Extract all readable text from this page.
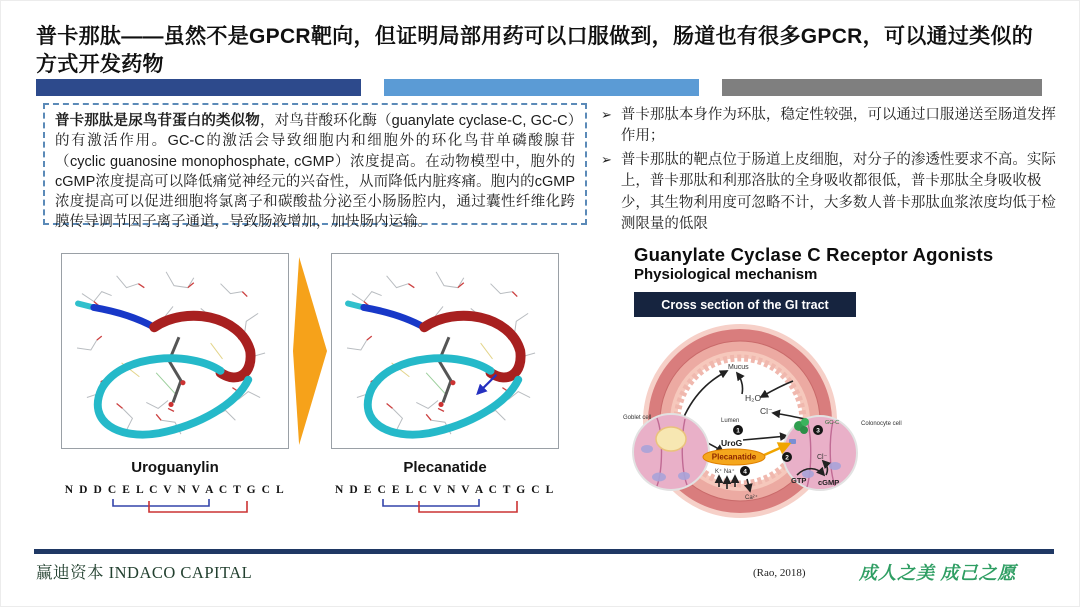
普卡那肽——虽然不是GPCR靶向，但证明局部用药可以口服做到，肠道也有很多GPCR，可以通过类似的方式开发药物
普卡那肽是尿鸟苷蛋白的类似物，对鸟苷酸环化酶（guanylate cyclase-C, GC-C）的有激活作用。GC-C的激活会导致细胞内和细胞外的环化鸟苷单磷酸腺苷（cyclic guanosine monophosphate, cGMP）浓度提高。在动物模型中，胞外的cGMP浓度提高可以降低痛觉神经元的兴奋性，从而降低内脏疼痛。胞内的cGMP浓度提高可以促进细胞将氯离子和碳酸盐分泌至小肠肠腔内，通过囊性纤维化跨膜传导调节因子离子通道，导致肠液增加，加快肠内运输。
➢ 普卡那肽本身作为环肽，稳定性较强，可以通过口服递送至肠道发挥作用；
➢ 普卡那肽的靶点位于肠道上皮细胞，对分子的渗透性要求不高。实际上，普卡那肽和利那洛肽的全身吸收都很低，普卡那肽全身吸收极少，其生物利用度可忽略不计，大多数人普卡那肽血浆浓度均低于检测限量的低限
Uroguanylin	Plecanatide
N D D C E L C V N V A C T G C L	N D E C E L C V N V A C T G C L
Guanylate Cyclase C Receptor Agonists
Physiological mechanism
Cross section of the GI tract
1
2
3
4
Mucus
H₂O
Cl⁻
Lumen
UroG
Plecanatide
K⁺ Na⁺
Ca²⁺
GTP cGMP
Cl⁻
GC-C
Goblet cell
Colonocyte cell
赢迪资本 INDACO CAPITAL	(Rao, 2018)	成人之美 成己之愿
